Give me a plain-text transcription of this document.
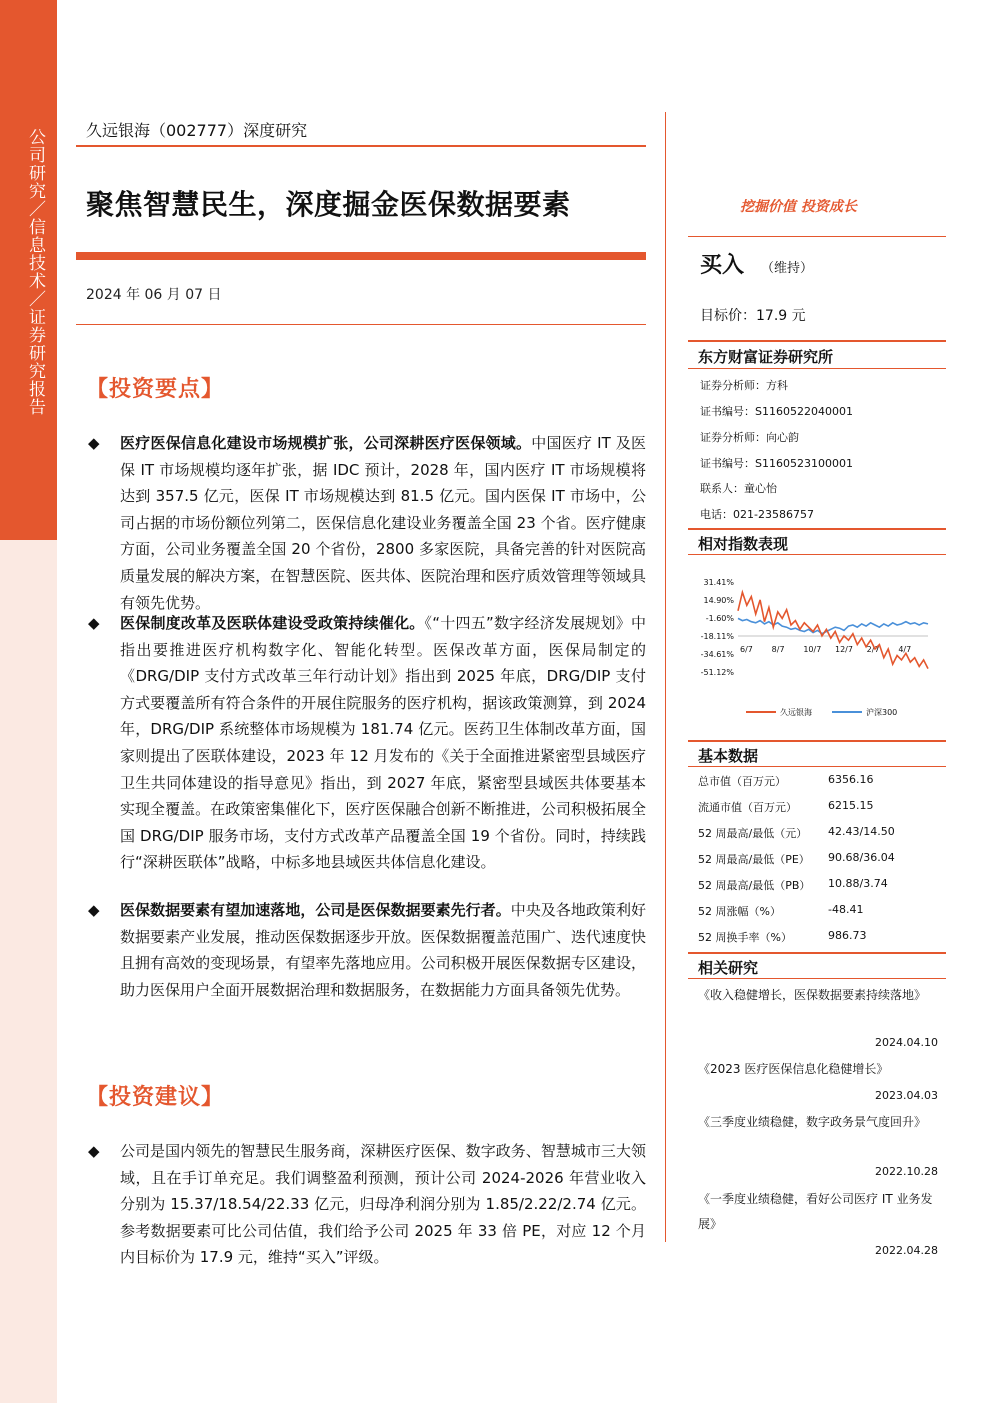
公司研究／信息技术／证券研究报告	久远银海（002777）深度研究
聚焦智慧民生，深度掘金医保数据要素	挖掘价值 投资成长
2024 年 06 月 07 日
【投资要点】
◆ 医疗医保信息化建设市场规模扩张，公司深耕医疗医保领域。中国医疗 IT 及医保 IT 市场规模均逐年扩张，据 IDC 预计，2028 年，国内医疗 IT 市场规模将达到 357.5 亿元，医保 IT 市场规模达到 81.5 亿元。国内医保 IT 市场中，公司占据的市场份额位列第二，医保信息化建设业务覆盖全国 23 个省。医疗健康方面，公司业务覆盖全国 20 个省份，2800 多家医院，具备完善的针对医院高质量发展的解决方案，在智慧医院、医共体、医院治理和医疗质效管理等领域具有领先优势。
◆ 医保制度改革及医联体建设受政策持续催化。《“十四五”数字经济发展规划》中指出要推进医疗机构数字化、智能化转型。医保改革方面，医保局制定的《DRG/DIP 支付方式改革三年行动计划》指出到 2025 年底，DRG/DIP 支付方式要覆盖所有符合条件的开展住院服务的医疗机构，据该政策测算，到 2024 年，DRG/DIP 系统整体市场规模为 181.74 亿元。医药卫生体制改革方面，国家则提出了医联体建设，2023 年 12 月发布的《关于全面推进紧密型县域医疗卫生共同体建设的指导意见》指出，到 2027 年底，紧密型县域医共体要基本实现全覆盖。在政策密集催化下，医疗医保融合创新不断推进，公司积极拓展全国 DRG/DIP 服务市场，支付方式改革产品覆盖全国 19 个省份。同时，持续践行“深耕医联体”战略，中标多地县域医共体信息化建设。
◆ 医保数据要素有望加速落地，公司是医保数据要素先行者。中央及各地政策利好数据要素产业发展，推动医保数据逐步开放。医保数据覆盖范围广、迭代速度快且拥有高效的变现场景，有望率先落地应用。公司积极开展医保数据专区建设，助力医保用户全面开展数据治理和数据服务，在数据能力方面具备领先优势。
【投资建议】
◆ 公司是国内领先的智慧民生服务商，深耕医疗医保、数字政务、智慧城市三大领域，且在手订单充足。我们调整盈利预测，预计公司 2024-2026 年营业收入分别为 15.37/18.54/22.33 亿元，归母净利润分别为 1.85/2.22/2.74 亿元。参考数据要素可比公司估值，我们给予公司 2025 年 33 倍 PE，对应 12 个月内目标价为 17.9 元，维持“买入”评级。
买入 （维持）
目标价：17.9 元
东方财富证券研究所
证券分析师：方科
证书编号：S1160522040001
证券分析师：向心韵
证书编号：S1160523100001
联系人：童心怡
电话：021-23586757
相对指数表现
31.41%
14.90%
-1.60%
-18.11%
-34.61%
-51.12%
6/7 8/7 10/7 12/7 2/7 4/7
久远银海	沪深300
基本数据
总市值（百万元）	6356.16
流通市值（百万元）	6215.15
52 周最高/最低（元） 42.43/14.50
52 周最高/最低（PE） 90.68/36.04
52 周最高/最低（PB） 10.88/3.74
52 周涨幅（%）	-48.41
52 周换手率（%）	986.73
相关研究
《收入稳健增长，医保数据要素持续落地》
2024.04.10
《2023 医疗医保信息化稳健增长》
2023.04.03
《三季度业绩稳健，数字政务景气度回升》
2022.10.28
《一季度业绩稳健，看好公司医疗 IT 业务发展》
2022.04.28
